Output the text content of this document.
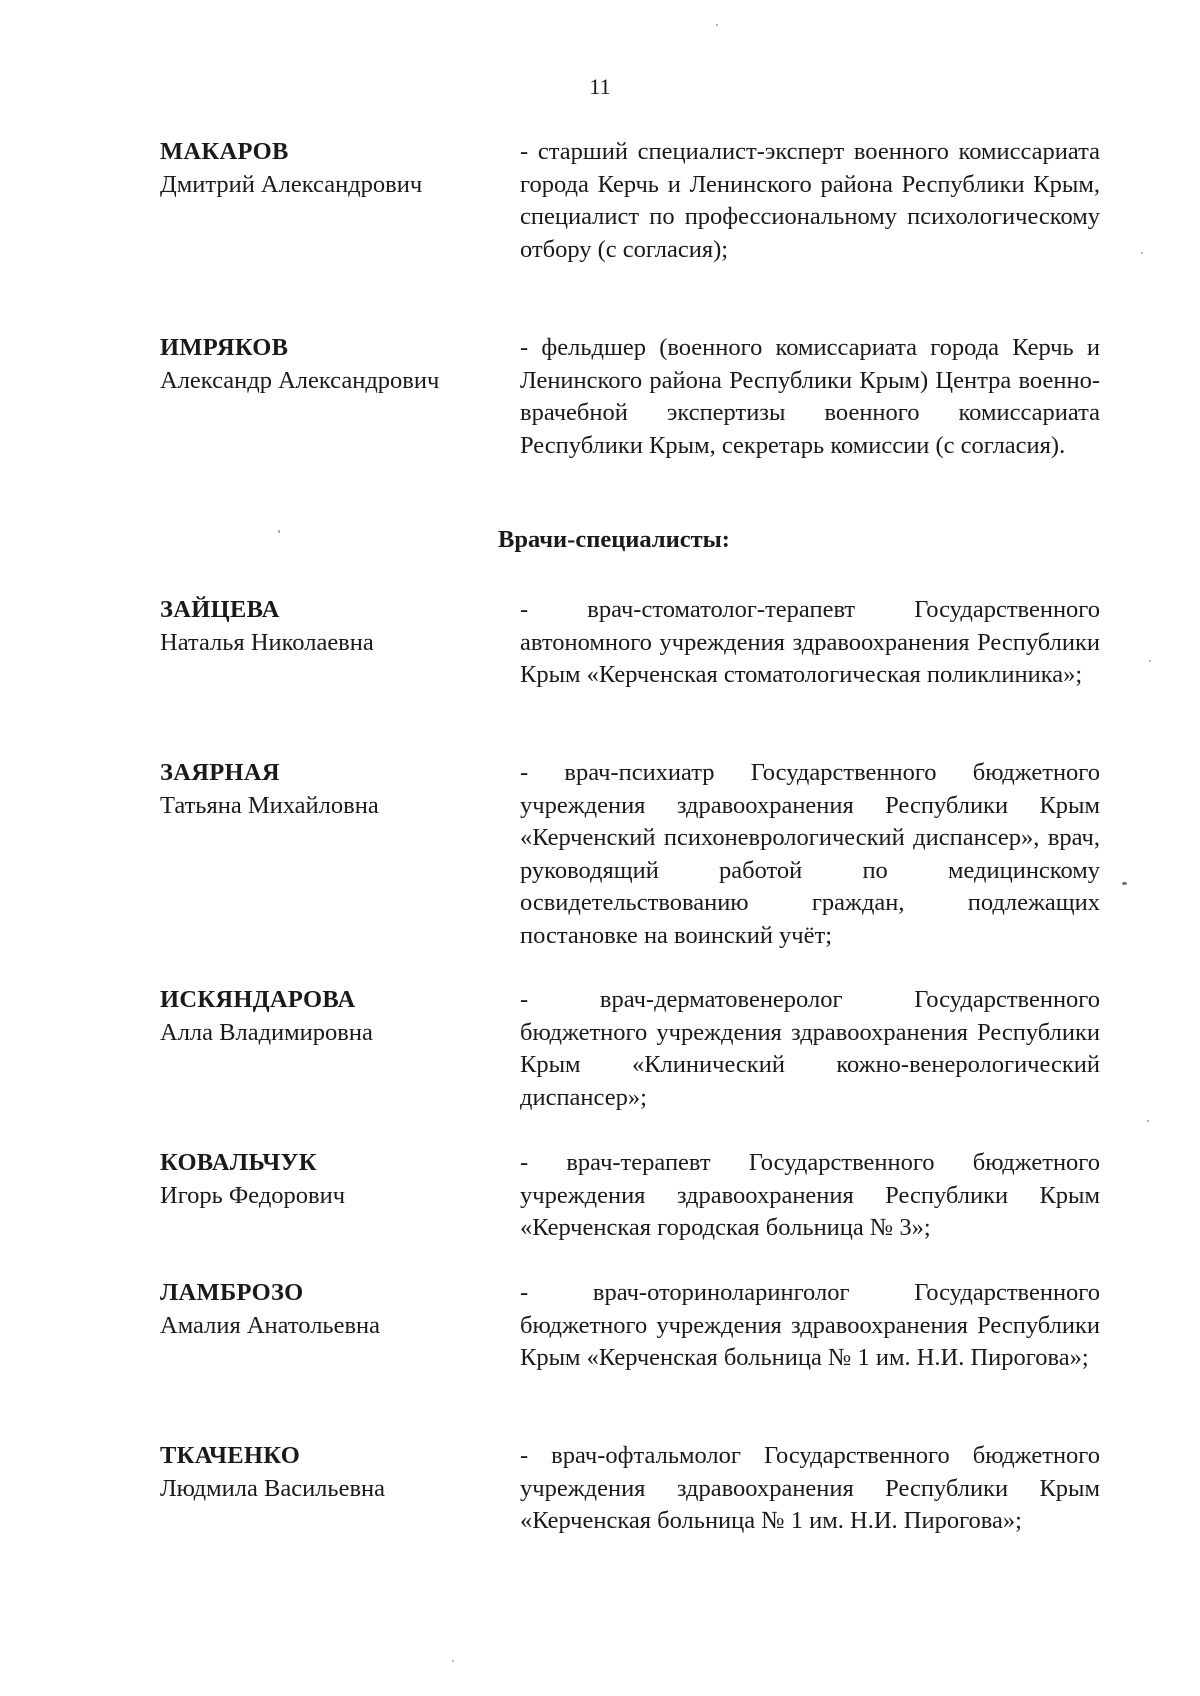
11
МАКАРОВ
Дмитрий Александрович
- старший специалист-эксперт военного комиссариата города Керчь и Ленинского района Республики Крым, специалист по профессиональному психологическому отбору (с согласия);
ИМРЯКОВ
Александр Александрович
- фельдшер (военного комиссариата города Керчь и Ленинского района Республики Крым) Центра военно-врачебной экспертизы военного комиссариата Республики Крым, секретарь комиссии (с согласия).
Врачи-специалисты:
ЗАЙЦЕВА
Наталья Николаевна
- врач-стоматолог-терапевт Государственного автономного учреждения здравоохранения Республики Крым «Керченская стоматологическая поликлиника»;
ЗАЯРНАЯ
Татьяна Михайловна
- врач-психиатр Государственного бюджетного учреждения здравоохранения Республики Крым «Керченский психоневрологический диспансер», врач, руководящий работой по медицинскому освидетельствованию граждан, подлежащих постановке на воинский учёт;
ИСКЯНДАРОВА
Алла Владимировна
- врач-дерматовенеролог Государственного бюджетного учреждения здравоохранения Республики Крым «Клинический кожно-венерологический диспансер»;
КОВАЛЬЧУК
Игорь Федорович
- врач-терапевт Государственного бюджетного учреждения здравоохранения Республики Крым «Керченская городская больница № 3»;
ЛАМБРОЗО
Амалия Анатольевна
- врач-оториноларинголог Государственного бюджетного учреждения здравоохранения Республики Крым «Керченская больница № 1 им. Н.И. Пирогова»;
ТКАЧЕНКО
Людмила Васильевна
- врач-офтальмолог Государственного бюджетного учреждения здравоохранения Республики Крым «Керченская больница № 1 им. Н.И. Пирогова»;
